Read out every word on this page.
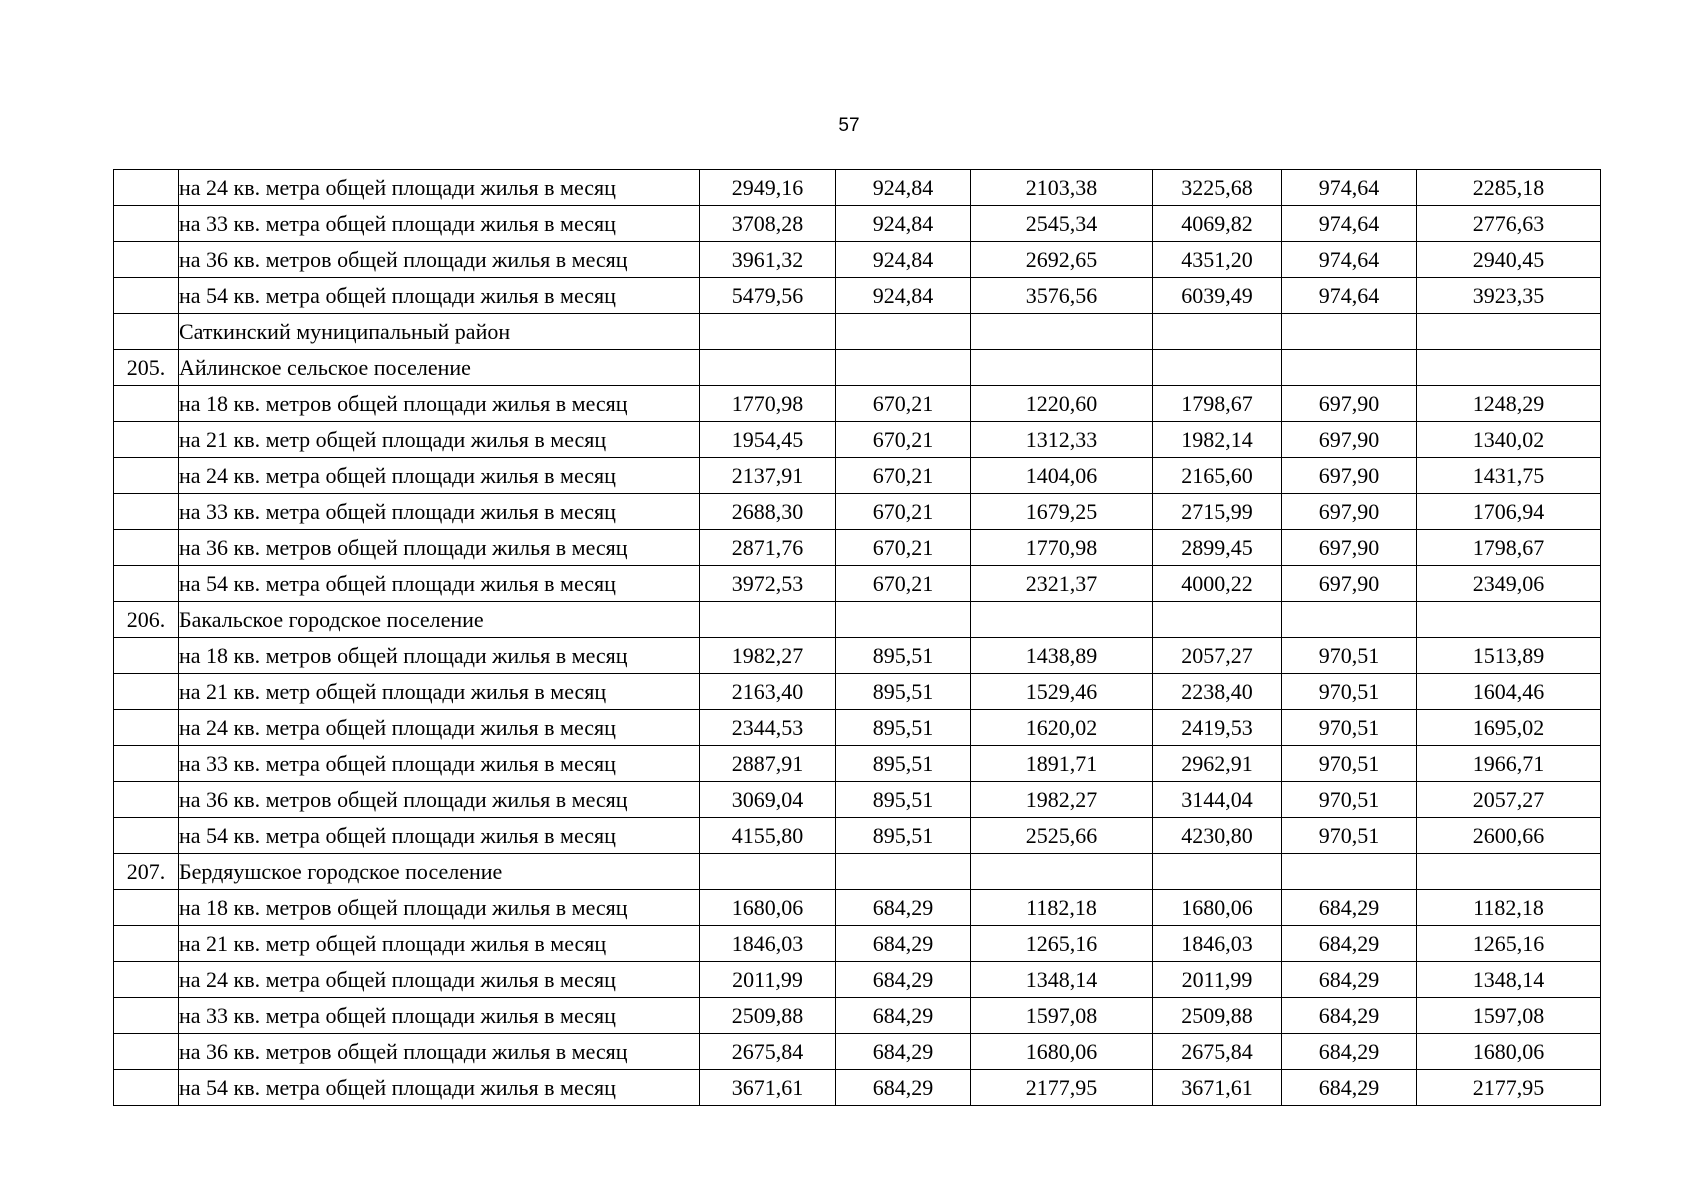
57
	на 24 кв. метра общей площади жилья в месяц	2949,16	924,84	2103,38	3225,68	974,64	2285,18
	на 33 кв. метра общей площади жилья в месяц	3708,28	924,84	2545,34	4069,82	974,64	2776,63
	на 36 кв. метров общей площади жилья в месяц	3961,32	924,84	2692,65	4351,20	974,64	2940,45
	на 54 кв. метра общей площади жилья в месяц	5479,56	924,84	3576,56	6039,49	974,64	3923,35
	Саткинский муниципальный район						
205.	Айлинское сельское поселение						
	на 18 кв. метров общей площади жилья в месяц	1770,98	670,21	1220,60	1798,67	697,90	1248,29
	на 21 кв. метр общей площади жилья в месяц	1954,45	670,21	1312,33	1982,14	697,90	1340,02
	на 24 кв. метра общей площади жилья в месяц	2137,91	670,21	1404,06	2165,60	697,90	1431,75
	на 33 кв. метра общей площади жилья в месяц	2688,30	670,21	1679,25	2715,99	697,90	1706,94
	на 36 кв. метров общей площади жилья в месяц	2871,76	670,21	1770,98	2899,45	697,90	1798,67
	на 54 кв. метра общей площади жилья в месяц	3972,53	670,21	2321,37	4000,22	697,90	2349,06
206.	Бакальское городское поселение						
	на 18 кв. метров общей площади жилья в месяц	1982,27	895,51	1438,89	2057,27	970,51	1513,89
	на 21 кв. метр общей площади жилья в месяц	2163,40	895,51	1529,46	2238,40	970,51	1604,46
	на 24 кв. метра общей площади жилья в месяц	2344,53	895,51	1620,02	2419,53	970,51	1695,02
	на 33 кв. метра общей площади жилья в месяц	2887,91	895,51	1891,71	2962,91	970,51	1966,71
	на 36 кв. метров общей площади жилья в месяц	3069,04	895,51	1982,27	3144,04	970,51	2057,27
	на 54 кв. метра общей площади жилья в месяц	4155,80	895,51	2525,66	4230,80	970,51	2600,66
207.	Бердяушское городское поселение						
	на 18 кв. метров общей площади жилья в месяц	1680,06	684,29	1182,18	1680,06	684,29	1182,18
	на 21 кв. метр общей площади жилья в месяц	1846,03	684,29	1265,16	1846,03	684,29	1265,16
	на 24 кв. метра общей площади жилья в месяц	2011,99	684,29	1348,14	2011,99	684,29	1348,14
	на 33 кв. метра общей площади жилья в месяц	2509,88	684,29	1597,08	2509,88	684,29	1597,08
	на 36 кв. метров общей площади жилья в месяц	2675,84	684,29	1680,06	2675,84	684,29	1680,06
	на 54 кв. метра общей площади жилья в месяц	3671,61	684,29	2177,95	3671,61	684,29	2177,95
